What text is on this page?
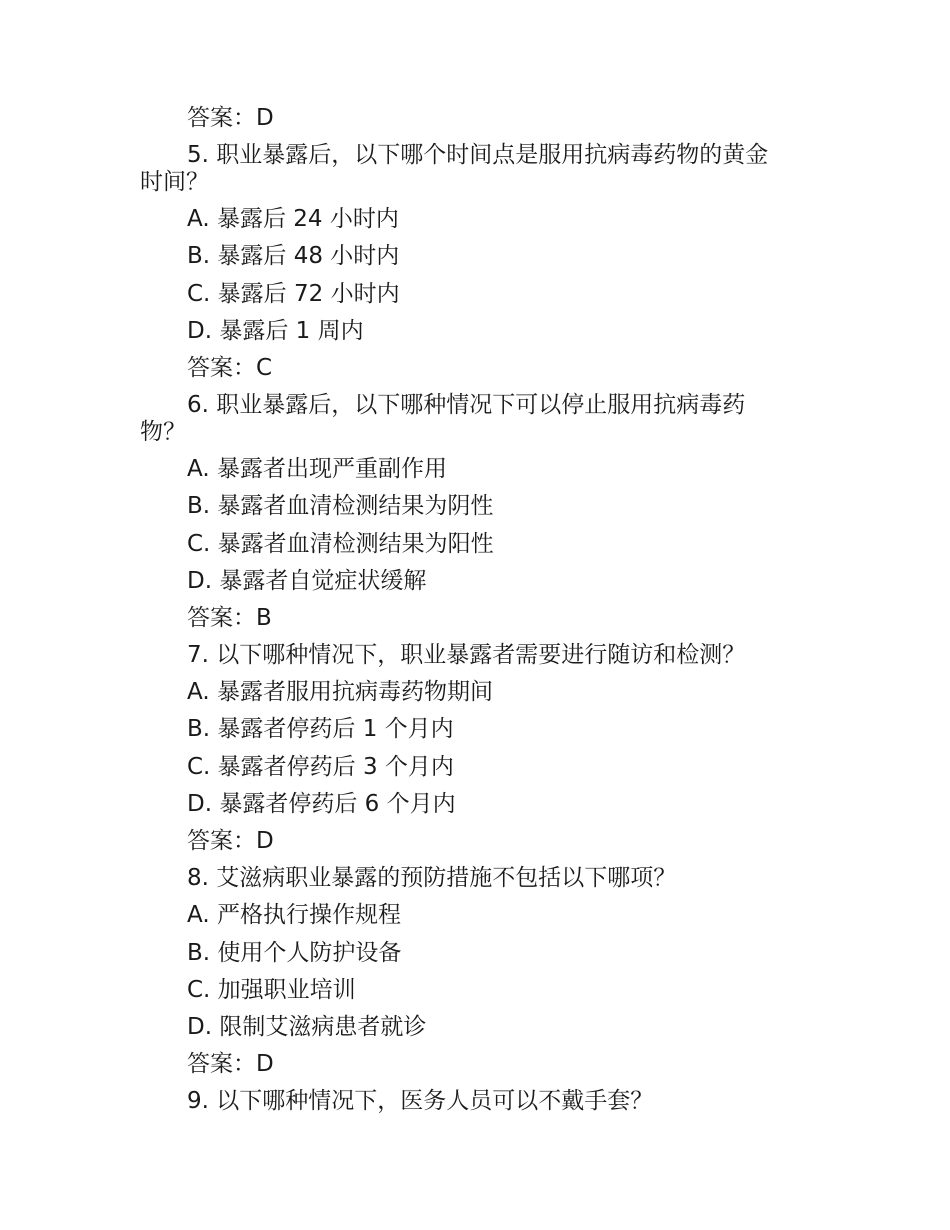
答案：D
5. 职业暴露后，以下哪个时间点是服用抗病毒药物的黄金
时间？
A. 暴露后 24 小时内
B. 暴露后 48 小时内
C. 暴露后 72 小时内
D. 暴露后 1 周内
答案：C
6. 职业暴露后，以下哪种情况下可以停止服用抗病毒药
物？
A. 暴露者出现严重副作用
B. 暴露者血清检测结果为阴性
C. 暴露者血清检测结果为阳性
D. 暴露者自觉症状缓解
答案：B
7. 以下哪种情况下，职业暴露者需要进行随访和检测？
A. 暴露者服用抗病毒药物期间
B. 暴露者停药后 1 个月内
C. 暴露者停药后 3 个月内
D. 暴露者停药后 6 个月内
答案：D
8. 艾滋病职业暴露的预防措施不包括以下哪项？
A. 严格执行操作规程
B. 使用个人防护设备
C. 加强职业培训
D. 限制艾滋病患者就诊
答案：D
9. 以下哪种情况下，医务人员可以不戴手套？
